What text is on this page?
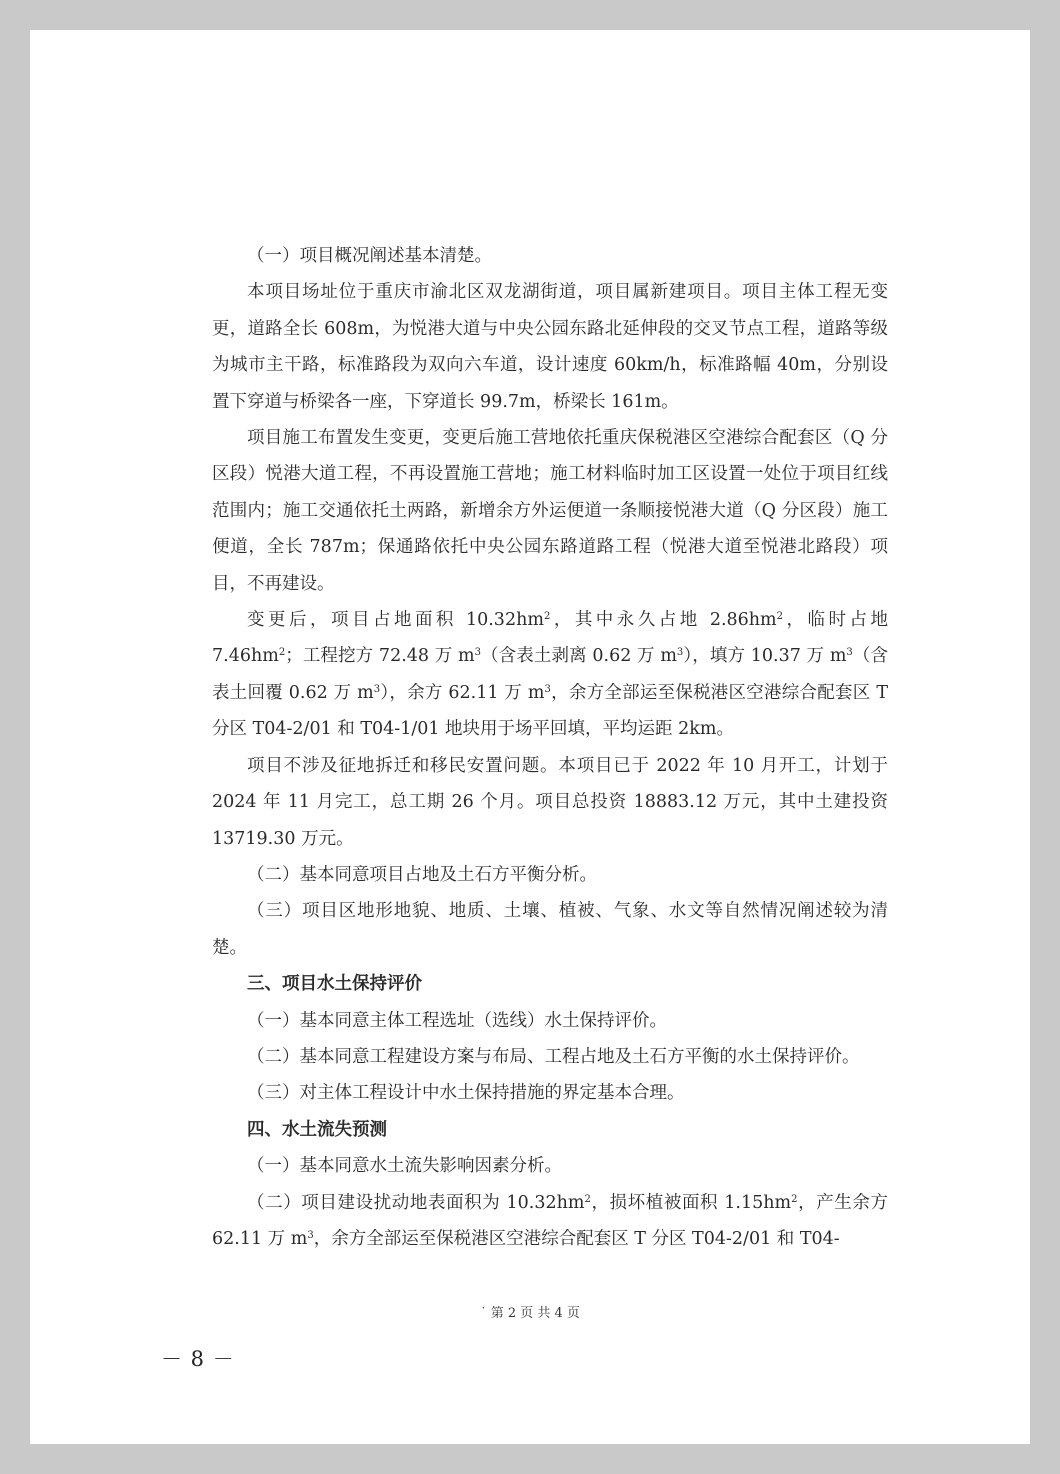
（一）项目概况阐述基本清楚。

本项目场址位于重庆市渝北区双龙湖街道，项目属新建项目。项目主体工程无变更，道路全长 608m，为悦港大道与中央公园东路北延伸段的交叉节点工程，道路等级为城市主干路，标准路段为双向六车道，设计速度 60km/h，标准路幅 40m，分别设置下穿道与桥梁各一座，下穿道长 99.7m，桥梁长 161m。

项目施工布置发生变更，变更后施工营地依托重庆保税港区空港综合配套区（Q 分区段）悦港大道工程，不再设置施工营地；施工材料临时加工区设置一处位于项目红线范围内；施工交通依托土两路，新增余方外运便道一条顺接悦港大道（Q 分区段）施工便道，全长 787m；保通路依托中央公园东路道路工程（悦港大道至悦港北路段）项目，不再建设。

变更后，项目占地面积 $10.32hm^2$，其中永久占地 $2.86hm^2$，临时占地 $7.46hm^2$；工程挖方 72.48 万 $m^3$（含表土剥离 0.62 万 $m^3$），填方 10.37 万 $m^3$（含表土回覆 0.62 万 $m^3$），余方 62.11 万 $m^3$，余方全部运至保税港区空港综合配套区 T 分区 T04-2/01 和 T04-1/01 地块用于场平回填，平均运距 2km。

项目不涉及征地拆迁和移民安置问题。本项目已于 2022 年 10 月开工，计划于 2024 年 11 月完工，总工期 26 个月。项目总投资 18883.12 万元，其中土建投资 13719.30 万元。

（二）基本同意项目占地及土石方平衡分析。

（三）项目区地形地貌、地质、土壤、植被、气象、水文等自然情况阐述较为清楚。

三、项目水土保持评价

（一）基本同意主体工程选址（选线）水土保持评价。

（二）基本同意工程建设方案与布局、工程占地及土石方平衡的水土保持评价。

（三）对主体工程设计中水土保持措施的界定基本合理。

四、水土流失预测

（一）基本同意水土流失影响因素分析。

（二）项目建设扰动地表面积为 $10.32hm^2$，损坏植被面积 $1.15hm^2$，产生余方 62.11 万 $m^3$，余方全部运至保税港区空港综合配套区 T 分区 T04-2/01 和 T04-

˙ 第 2 页 共 4 页
－ 8 －
